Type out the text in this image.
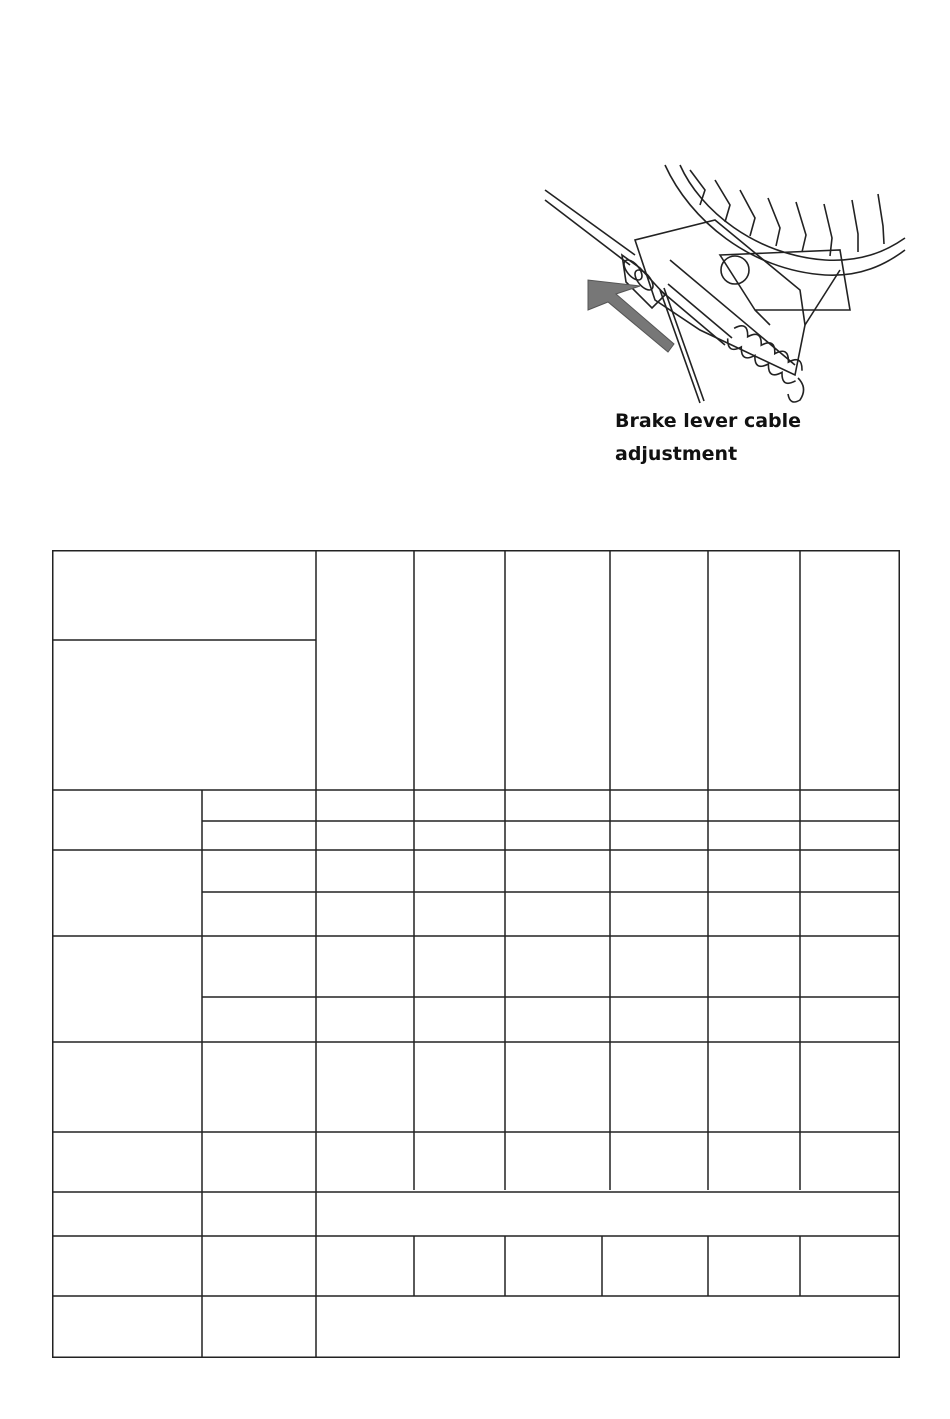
Brake lever cable
adjustment
